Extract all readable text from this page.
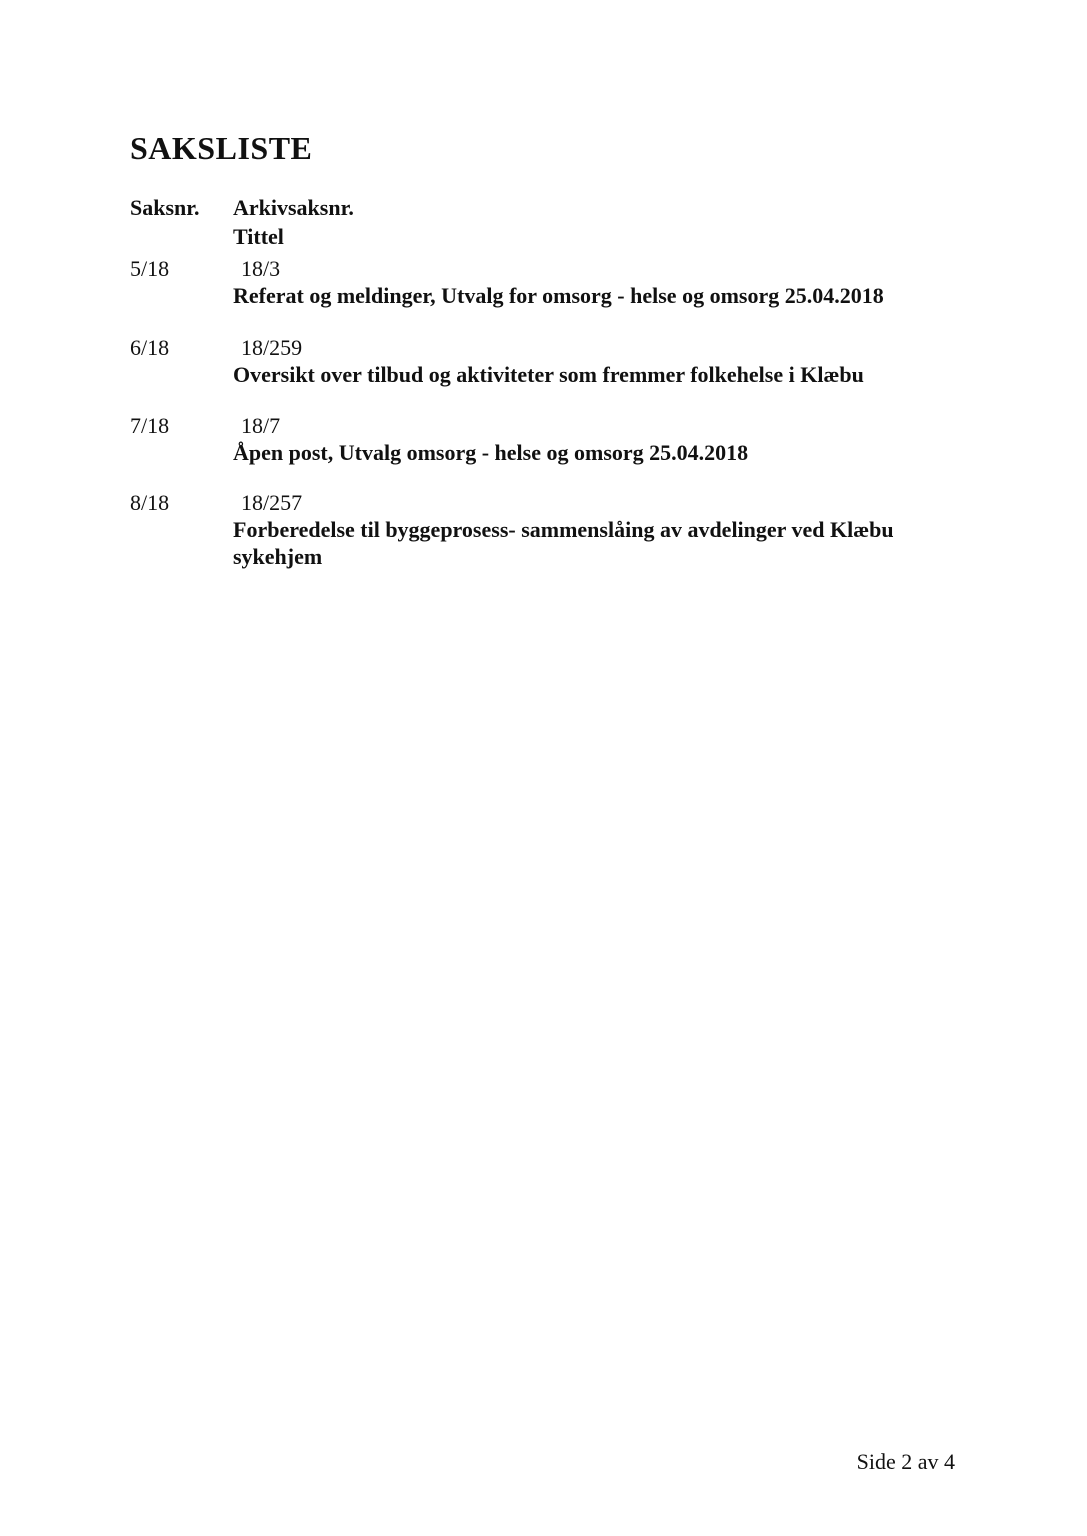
SAKSLISTE
Saksnr.	Arkivsaksnr.
Tittel
5/18	18/3
Referat og meldinger, Utvalg for omsorg - helse og omsorg 25.04.2018
6/18	18/259
Oversikt over tilbud og aktiviteter som fremmer folkehelse i Klæbu
7/18	18/7
Åpen post, Utvalg omsorg - helse og omsorg 25.04.2018
8/18	18/257
Forberedelse til byggeprosess- sammenslåing av avdelinger ved Klæbu sykehjem
Side 2 av 4
